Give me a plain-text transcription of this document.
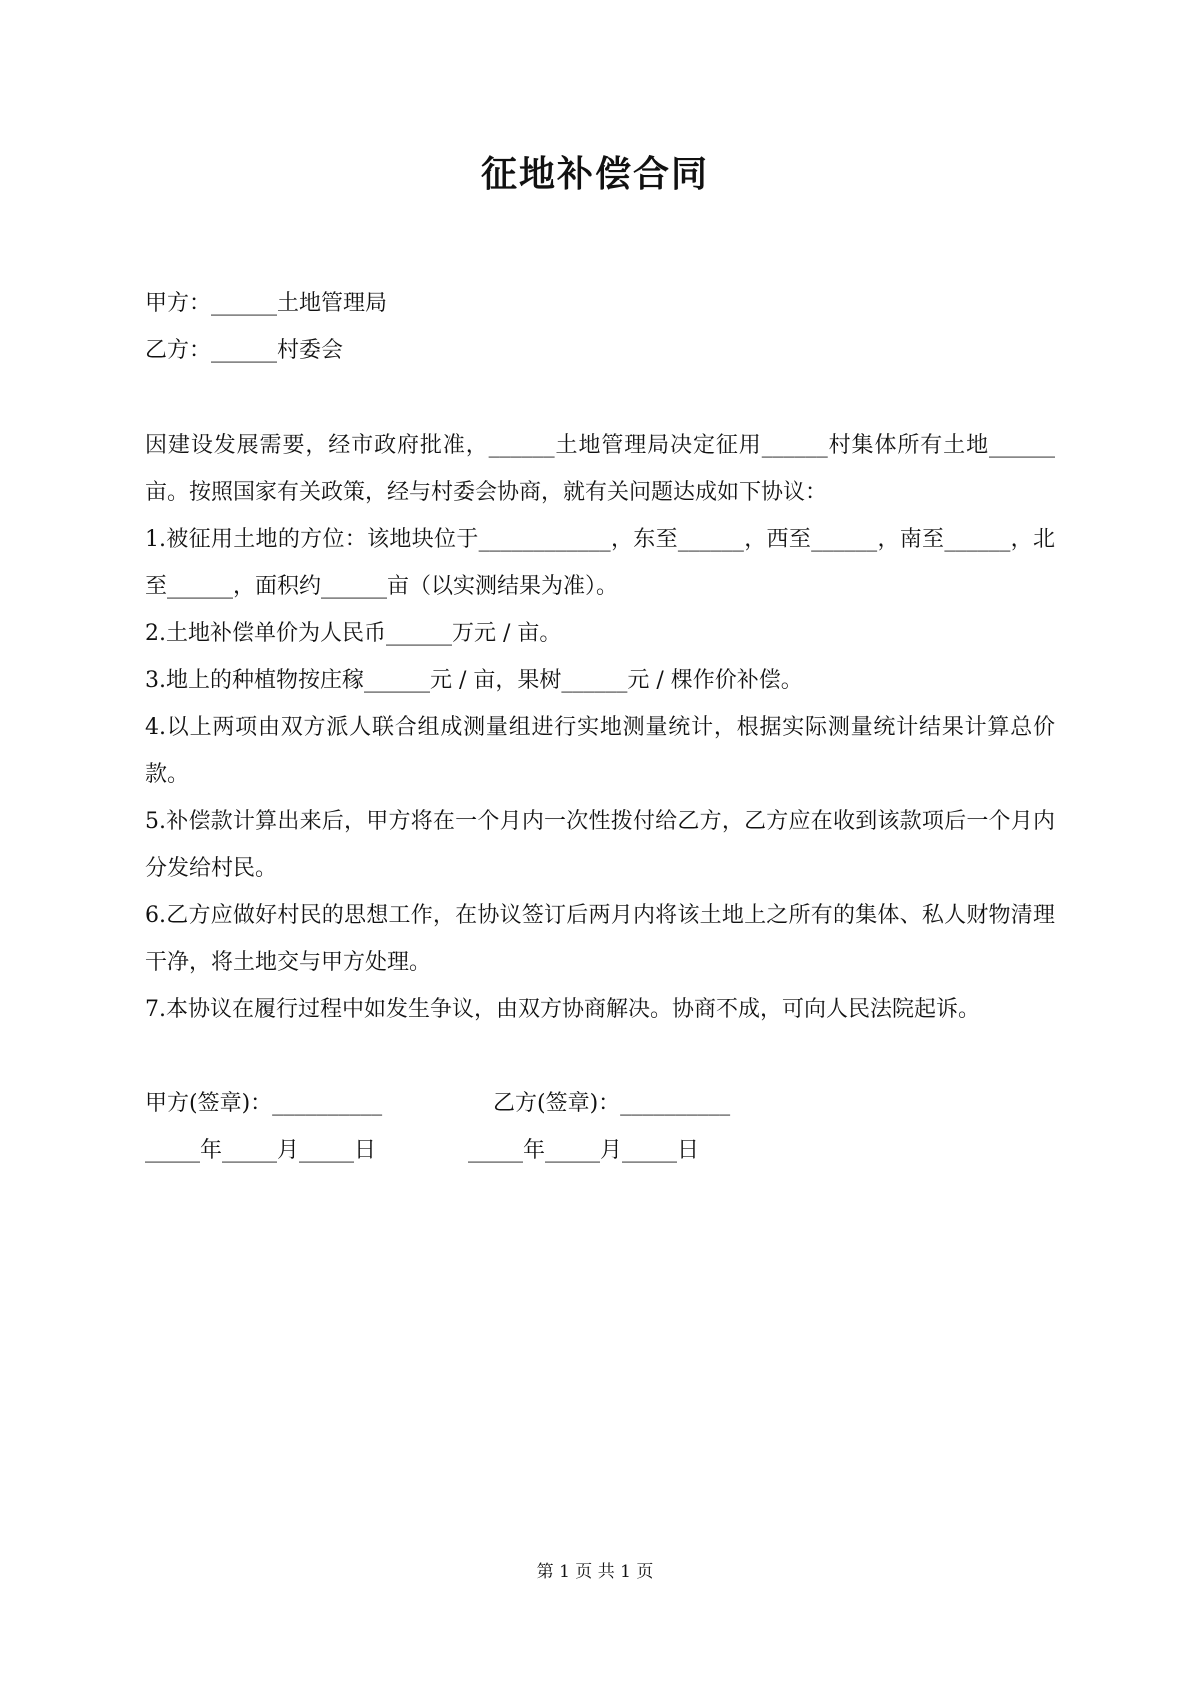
征地补偿合同
甲方：______土地管理局
乙方：______村委会

因建设发展需要，经市政府批准，______土地管理局决定征用______村集体所有土地______亩。按照国家有关政策，经与村委会协商，就有关问题达成如下协议：

1.被征用土地的方位：该地块位于____________，东至______，西至______，南至______，北至______，面积约______亩（以实测结果为准）。

2.土地补偿单价为人民币______万元 / 亩。

3.地上的种植物按庄稼______元 / 亩，果树______元 / 棵作价补偿。

4.以上两项由双方派人联合组成测量组进行实地测量统计，根据实际测量统计结果计算总价款。

5.补偿款计算出来后，甲方将在一个月内一次性拨付给乙方，乙方应在收到该款项后一个月内分发给村民。

6.乙方应做好村民的思想工作，在协议签订后两月内将该土地上之所有的集体、私人财物清理干净，将土地交与甲方处理。

7.本协议在履行过程中如发生争议，由双方协商解决。协商不成，可向人民法院起诉。

甲方(签章)：__________	乙方(签章)：__________
_____年_____月_____日	_____年_____月_____日
第 1 页 共 1 页
